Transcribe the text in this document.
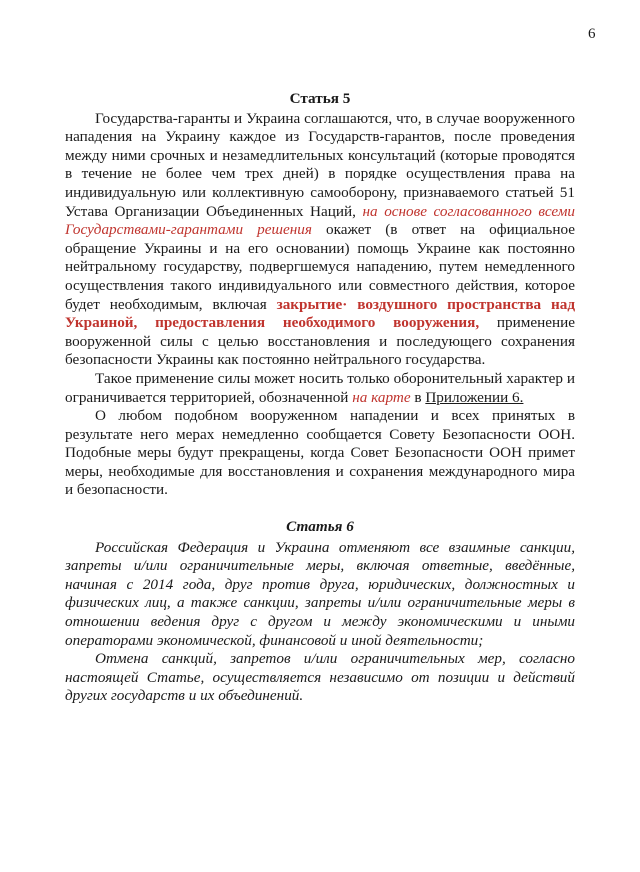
6
Статья 5

Государства-гаранты и Украина соглашаются, что, в случае вооруженного нападения на Украину каждое из Государств-гарантов, после проведения между ними срочных и незамедлительных консультаций (которые проводятся в течение не более чем трех дней) в порядке осуществления права на индивидуальную или коллективную самооборону, признаваемого статьей 51 Устава Организации Объединенных Наций, на основе согласованного всеми Государствами-гарантами решения окажет (в ответ на официальное обращение Украины и на его основании) помощь Украине как постоянно нейтральному государству, подвергшемуся нападению, путем немедленного осуществления такого индивидуального или совместного действия, которое будет необходимым, включая закрытие· воздушного пространства над Украиной, предоставления необходимого вооружения, применение вооруженной силы с целью восстановления и последующего сохранения безопасности Украины как постоянно нейтрального государства.

Такое применение силы может носить только оборонительный характер и ограничивается территорией, обозначенной на карте в Приложении 6.

О любом подобном вооруженном нападении и всех принятых в результате него мерах немедленно сообщается Совету Безопасности ООН. Подобные меры будут прекращены, когда Совет Безопасности ООН примет меры, необходимые для восстановления и сохранения международного мира и безопасности.

Статья 6

Российская Федерация и Украина отменяют все взаимные санкции, запреты и/или ограничительные меры, включая ответные, введённые, начиная с 2014 года, друг против друга, юридических, должностных и физических лиц, а также санкции, запреты и/или ограничительные меры в отношении ведения друг с другом и между экономическими и иными операторами экономической, финансовой и иной деятельности;

Отмена санкций, запретов и/или ограничительных мер, согласно настоящей Статье, осуществляется независимо от позиции и действий других государств и их объединений.
